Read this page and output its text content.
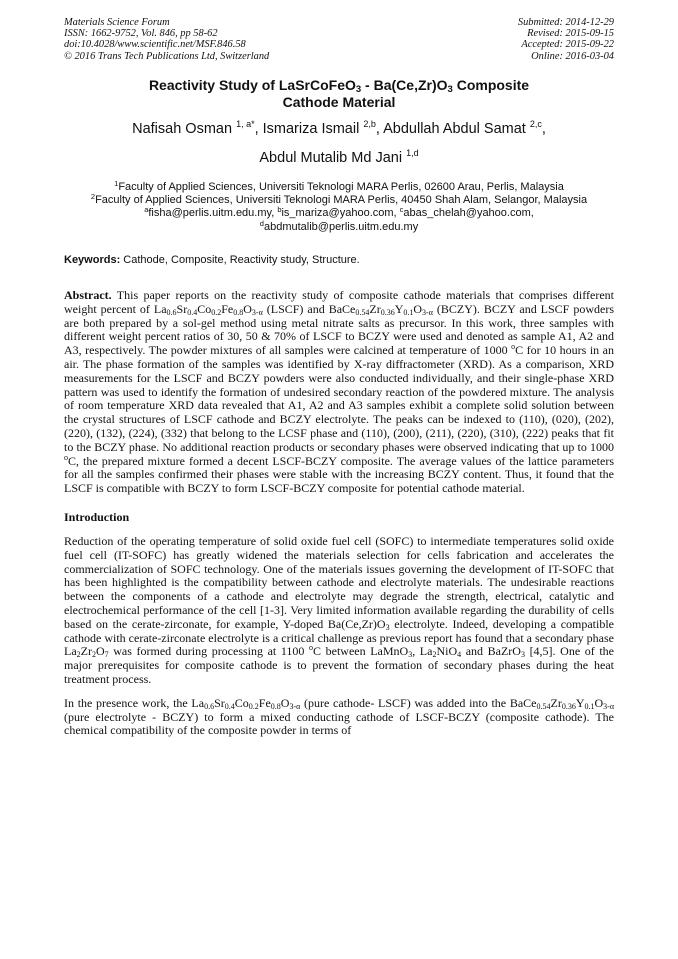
Materials Science Forum
ISSN: 1662-9752, Vol. 846, pp 58-62
doi:10.4028/www.scientific.net/MSF.846.58
© 2016 Trans Tech Publications Ltd, Switzerland
Submitted: 2014-12-29
Revised: 2015-09-15
Accepted: 2015-09-22
Online: 2016-03-04
Reactivity Study of LaSrCoFeO$_3$ - $Ba(Ce,Zr)O_3$ Composite
Cathode Material
Nafisah Osman $^{1, a*}$, Ismariza Ismail $^{2,b}$, Abdullah Abdul Samat $^{2,c}$,
Abdul Mutalib Md Jani $^{1,d}$

$^1$Faculty of Applied Sciences, Universiti Teknologi MARA Perlis, 02600 Arau, Perlis, Malaysia

$^2$Faculty of Applied Sciences, Universiti Teknologi MARA Perlis, 40450 Shah Alam, Selangor, Malaysia

$^a$fisha@perlis.uitm.edu.my, $^b$is_mariza@yahoo.com, $^c$abas_chelah@yahoo.com,
$^d$abdmutalib@perlis.uitm.edu.my

Keywords: Cathode, Composite, Reactivity study, Structure.
Abstract. This paper reports on the reactivity study of composite cathode materials that comprises different weight percent of $La_{0.6}Sr_{0.4}Co_{0.2}Fe_{0.8}O_{3-\alpha}$ (LSCF) and $BaCe_{0.54}Zr_{0.36}Y_{0.1}O_{3-\alpha}$ (BCZY). BCZY and LSCF powders are both prepared by a sol-gel method using metal nitrate salts as precursor. In this work, three samples with different weight percent ratios of 30, 50 & 70% of LSCF to BCZY were used and denoted as sample A1, A2 and A3, respectively. The powder mixtures of all samples were calcined at temperature of 1000 $^o$C for 10 hours in an air. The phase formation of the samples was identified by X-ray diffractometer (XRD). As a comparison, XRD measurements for the LSCF and BCZY powders were also conducted individually, and their single-phase XRD pattern was used to identify the formation of undesired secondary reaction of the powdered mixture. The analysis of room temperature XRD data revealed that A1, A2 and A3 samples exhibit a complete solid solution between the crystal structures of LSCF cathode and BCZY electrolyte. The peaks can be indexed to (110), (020), (202), (220), (132), (224), (332) that belong to the LCSF phase and (110), (200), (211), (220), (310), (222) peaks that fit to the BCZY phase. No additional reaction products or secondary phases were observed indicating that up to 1000 $^o$C, the prepared mixture formed a decent LSCF-BCZY composite. The average values of the lattice parameters for all the samples confirmed their phases were stable with the increasing BCZY content. Thus, it found that the LSCF is compatible with BCZY to form LSCF-BCZY composite for potential cathode material.
Introduction

Reduction of the operating temperature of solid oxide fuel cell (SOFC) to intermediate temperatures solid oxide fuel cell (IT-SOFC) has greatly widened the materials selection for cells fabrication and accelerates the commercialization of SOFC technology. One of the materials issues governing the development of IT-SOFC that has been highlighted is the compatibility between cathode and electrolyte materials. The undesirable reactions between the components of a cathode and electrolyte may degrade the strength, electrical, catalytic and electrochemical performance of the cell [1-3]. Very limited information available regarding the durability of cells based on the cerate-zirconate, for example, Y-doped $Ba(Ce,Zr)O_3$ electrolyte. Indeed, developing a compatible cathode with cerate-zirconate electrolyte is a critical challenge as previous report has found that a secondary phase $La_2Zr_2O_7$ was formed during processing at 1100 $^o$C between LaMnO$_3$, $La_2NiO_4$ and BaZrO$_3$ [4,5]. One of the major prerequisites for composite cathode is to prevent the formation of secondary phases during the heat treatment process.

In the presence work, the $La_{0.6}Sr_{0.4}Co_{0.2}Fe_{0.8}O_{3-\alpha}$ (pure cathode- LSCF) was added into the $BaCe_{0.54}Zr_{0.36}Y_{0.1}O_{3-\alpha}$ (pure electrolyte - BCZY) to form a mixed conducting cathode of LSCF-BCZY (composite cathode). The chemical compatibility of the composite powder in terms of
